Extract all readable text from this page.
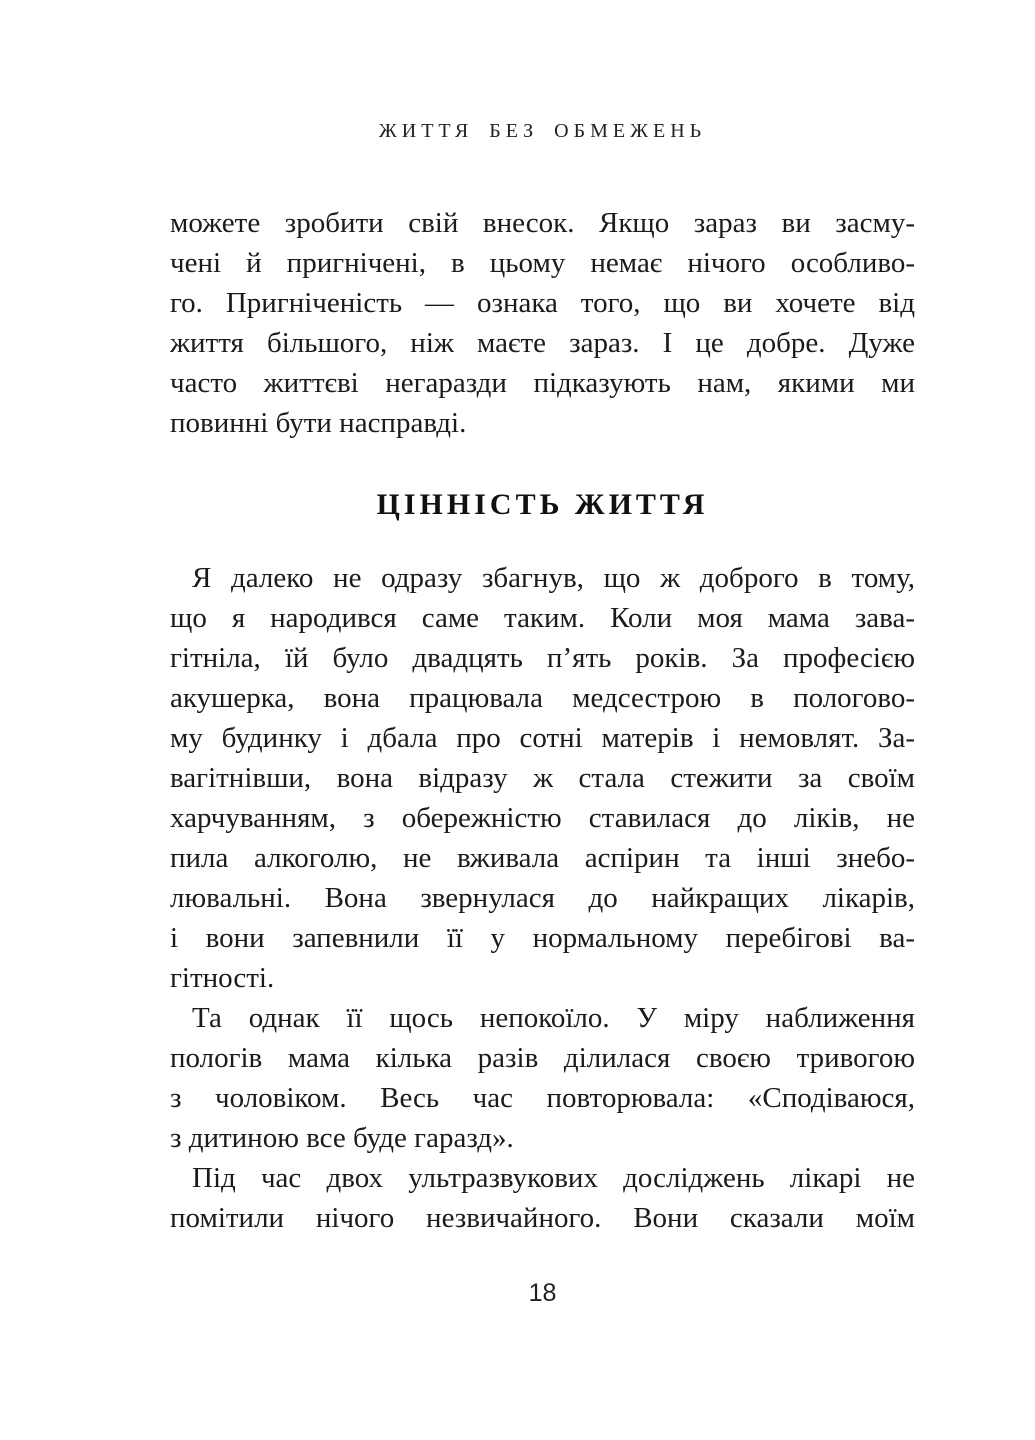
ЖИТТЯ БЕЗ ОБМЕЖЕНЬ
можете зробити свій внесок. Якщо зараз ви засму-
чені й пригнічені, в цьому немає нічого особливо-
го. Пригніченість — ознака того, що ви хочете від
життя більшого, ніж маєте зараз. І це добре. Дуже
часто життєві негаразди підказують нам, якими ми
повинні бути насправді.
ЦІННІСТЬ ЖИТТЯ
Я далеко не одразу збагнув, що ж доброго в тому,
що я народився саме таким. Коли моя мама зава-
гітніла, їй було двадцять п’ять років. За професією
акушерка, вона працювала медсестрою в пологово-
му будинку і дбала про сотні матерів і немовлят. За-
вагітнівши, вона відразу ж стала стежити за своїм
харчуванням, з обережністю ставилася до ліків, не
пила алкоголю, не вживала аспірин та інші знебо-
лювальні. Вона звернулася до найкращих лікарів,
і вони запевнили її у нормальному перебігові ва-
гітності.
Та однак її щось непокоїло. У міру наближення
пологів мама кілька разів ділилася своєю тривогою
з чоловіком. Весь час повторювала: «Сподіваюся,
з дитиною все буде гаразд».
Під час двох ультразвукових досліджень лікарі не
помітили нічого незвичайного. Вони сказали моїм
18
